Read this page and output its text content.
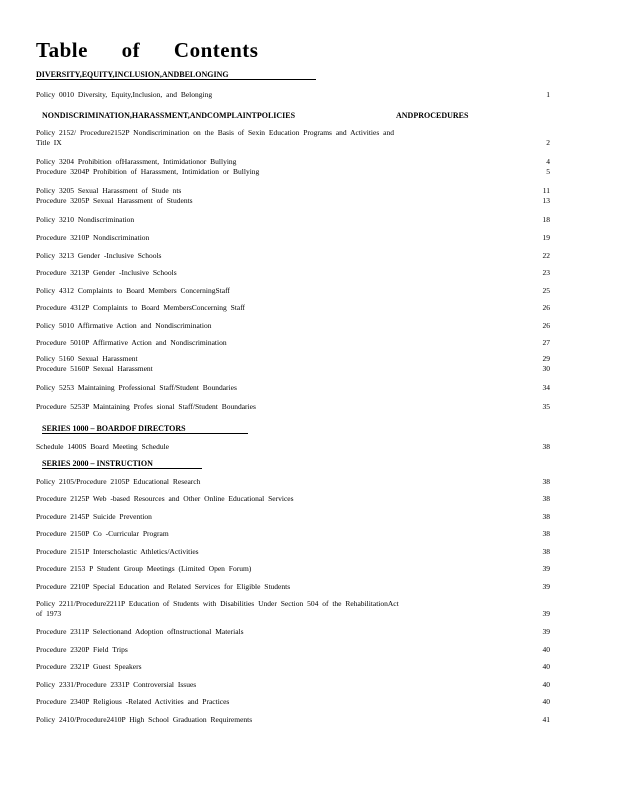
Table of Contents
DIVERSITY,EQUITY,INCLUSION,ANDBELONGING
Policy 0010 Diversity, Equity,Inclusion, and Belonging	1
NONDISCRIMINATION,HARASSMENT,ANDCOMPLAINTPOLICIES	ANDPROCEDURES
Policy 2152/ Procedure2152P Nondiscrimination on the Basis of Sexin Education Programs and Activities and
Title IX	2
Policy 3204 Prohibition ofHarassment, Intimidationor Bullying	4
Procedure 3204P Prohibition of Harassment, Intimidation or Bullying	5
Policy 3205 Sexual Harassment of Stude nts	11
Procedure 3205P Sexual Harassment of Students	13
Policy 3210 Nondiscrimination	18
Procedure 3210P Nondiscrimination	19
Policy 3213 Gender -Inclusive Schools	22
Procedure 3213P Gender -Inclusive Schools	23
Policy 4312 Complaints to Board Members ConcerningStaff	25
Procedure 4312P Complaints to Board MembersConcerning Staff	26
Policy 5010 Affirmative Action and Nondiscrimination	26
Procedure 5010P Affirmative Action and Nondiscrimination	27
Policy 5160 Sexual Harassment	29
Procedure 5160P Sexual Harassment	30
Policy 5253 Maintaining Professional Staff/Student Boundaries	34
Procedure 5253P Maintaining Profes sional Staff/Student Boundaries	35
SERIES 1000 – BOARDOF DIRECTORS
Schedule 1400S Board Meeting Schedule	38
SERIES 2000 – INSTRUCTION
Policy 2105/Procedure 2105P Educational Research	38
Procedure 2125P Web -based Resources and Other Online Educational Services	38
Procedure 2145P Suicide Prevention	38
Procedure 2150P Co -Curricular Program	38
Procedure 2151P Interscholastic Athletics/Activities	38
Procedure 2153 P Student Group Meetings (Limited Open Forum)	39
Procedure 2210P Special Education and Related Services for Eligible Students	39
Policy 2211/Procedure2211P Education of Students with Disabilities Under Section 504 of the RehabilitationAct
of 1973	39
Procedure 2311P Selectionand Adoption ofInstructional Materials	39
Procedure 2320P Field Trips	40
Procedure 2321P Guest Speakers	40
Policy 2331/Procedure 2331P Controversial Issues	40
Procedure 2340P Religious -Related Activities and Practices	40
Policy 2410/Procedure2410P High School Graduation Requirements	41
